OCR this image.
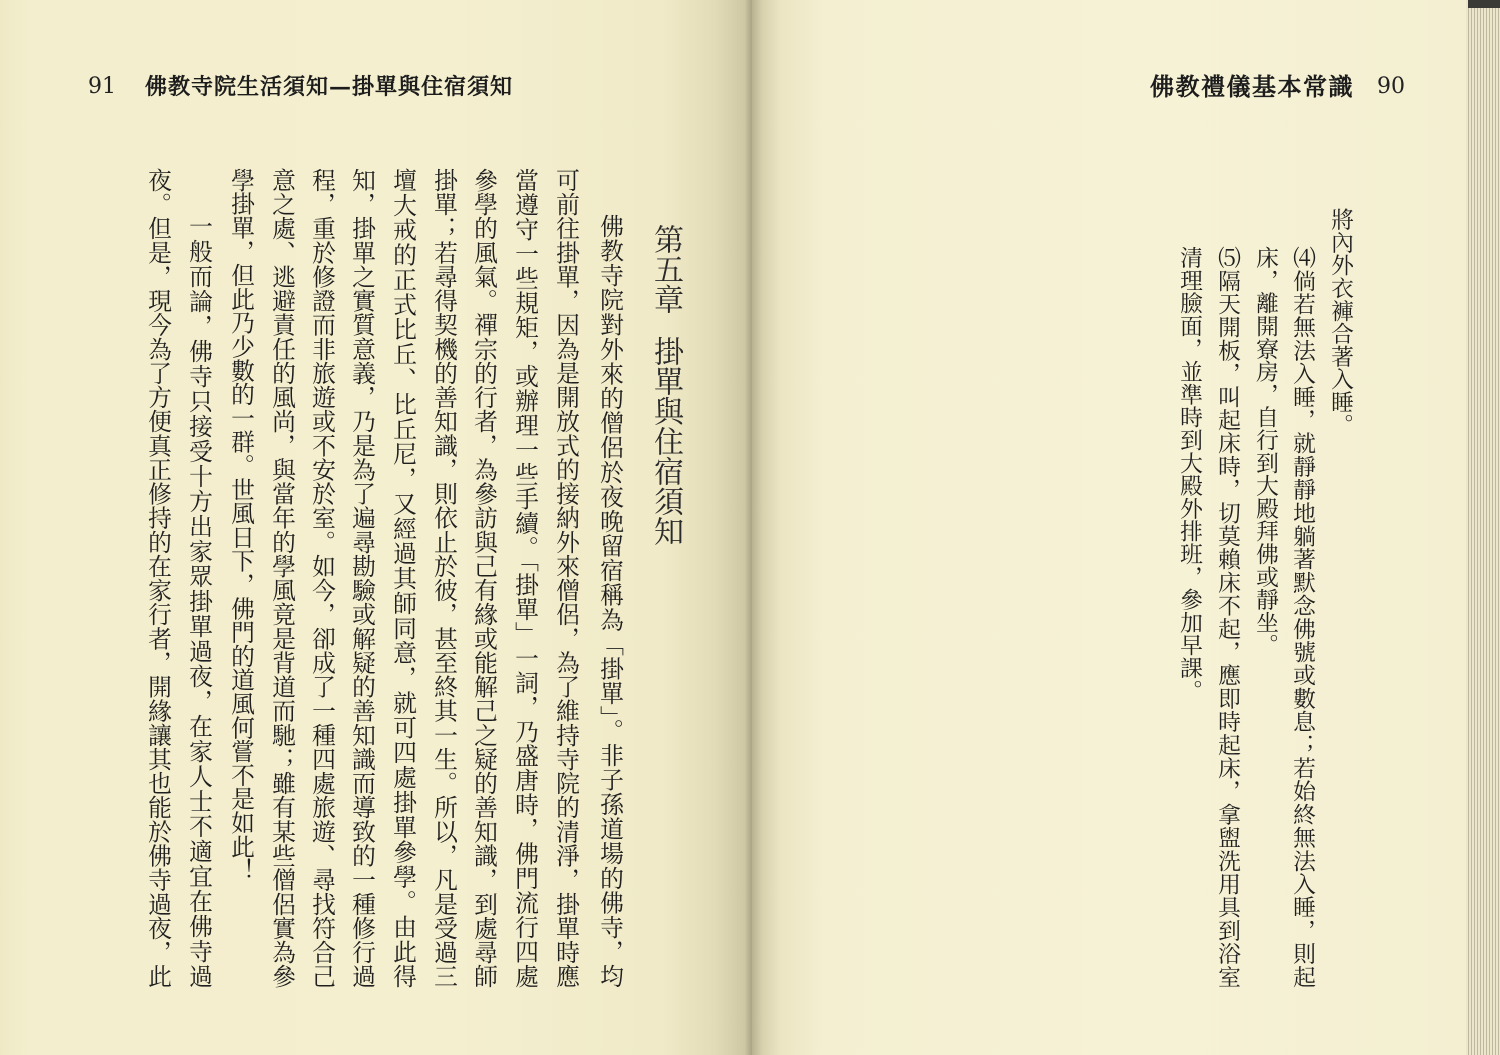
91 佛教寺院生活須知—掛單與住宿須知	佛教禮儀基本常識 90
第五章掛單與住宿須知
佛教寺院對外來的僧侶於夜晚留宿稱為「掛單」。非子孫道場的佛寺，均
可前往掛單，因為是開放式的接納外來僧侶，為了維持寺院的清淨，掛單時應
當遵守一些規矩，或辦理一些手續。「掛單」一詞，乃盛唐時，佛門流行四處
參學的風氣。禪宗的行者，為參訪與己有緣或能解己之疑的善知識，到處尋師
掛單；若尋得契機的善知識，則依止於彼，甚至終其一生。所以，凡是受過三
壇大戒的正式比丘、比丘尼，又經過其師同意，就可四處掛單參學。由此得
知，掛單之實質意義，乃是為了遍尋勘驗或解疑的善知識而導致的一種修行過
程，重於修證而非旅遊或不安於室。如今，卻成了一種四處旅遊、尋找符合己
意之處、逃避責任的風尚，與當年的學風竟是背道而馳；雖有某些僧侶實為參
學掛單，但此乃少數的一群。世風日下，佛門的道風何嘗不是如此！
一般而論，佛寺只接受十方出家眾掛單過夜，在家人士不適宜在佛寺過
夜。但是，現今為了方便真正修持的在家行者，開緣讓其也能於佛寺過夜，此	將內外衣褲合著入睡。
⑷倘若無法入睡，就靜靜地躺著默念佛號或數息；若始終無法入睡，則起
床，離開寮房，自行到大殿拜佛或靜坐。
⑸隔天開板，叫起床時，切莫賴床不起，應即時起床，拿盥洗用具到浴室
清理臉面，並準時到大殿外排班，參加早課。
